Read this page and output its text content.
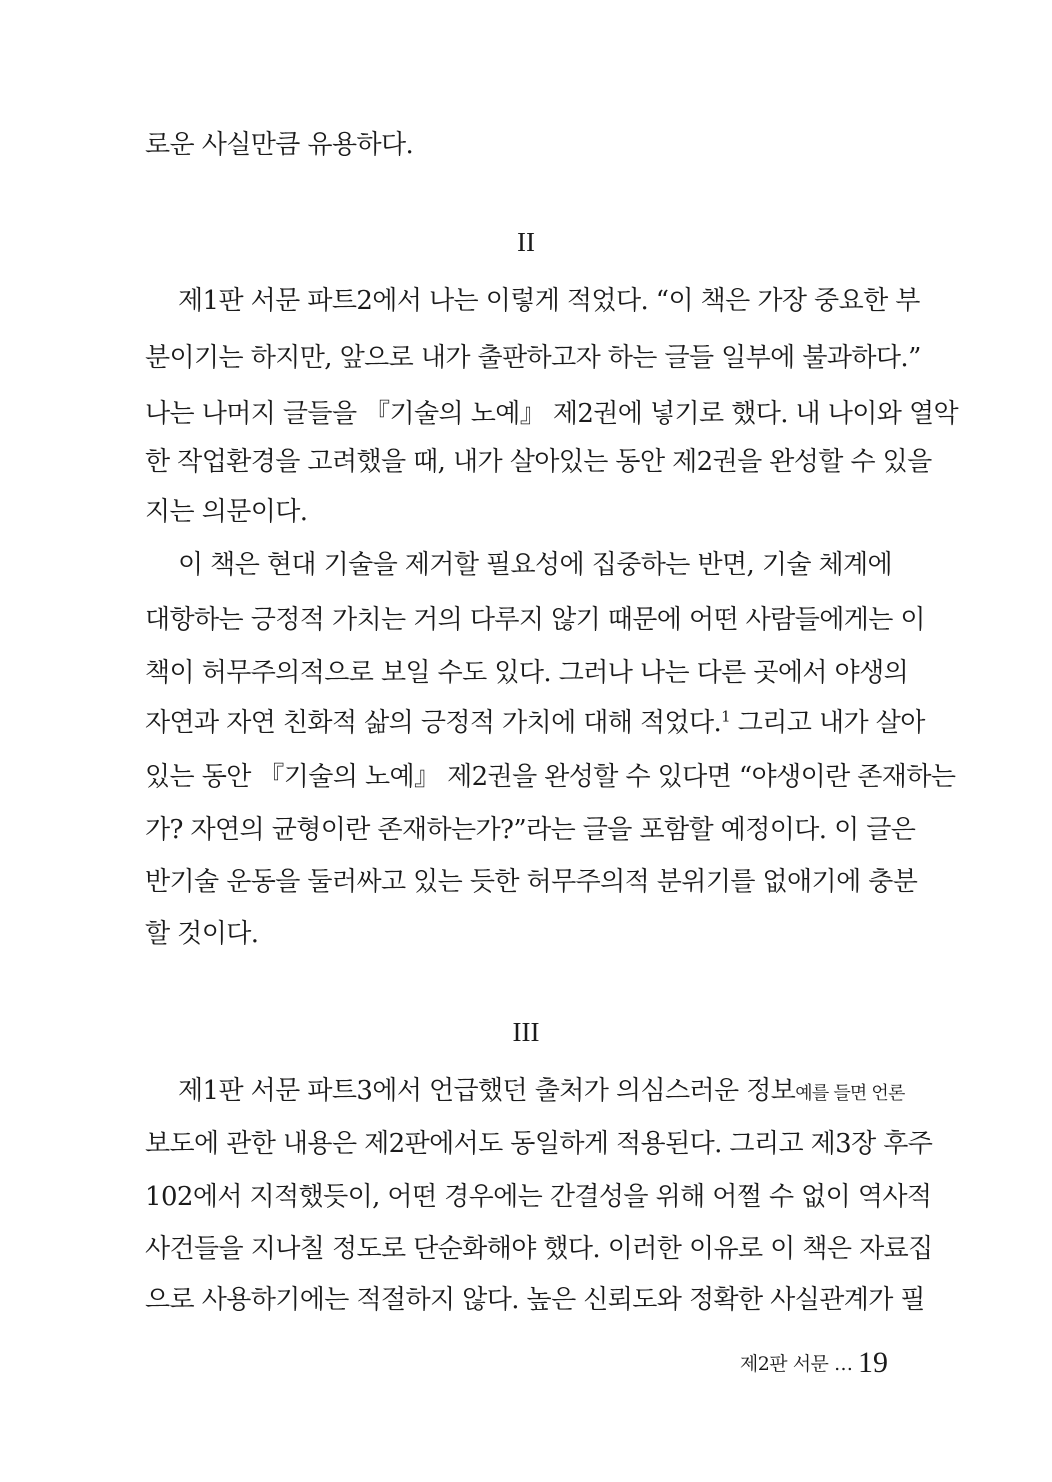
로운 사실만큼 유용하다.
II
제1판 서문 파트2에서 나는 이렇게 적었다. “이 책은 가장 중요한 부
분이기는 하지만, 앞으로 내가 출판하고자 하는 글들 일부에 불과하다.”
나는 나머지 글들을 『기술의 노예』 제2권에 넣기로 했다. 내 나이와 열악
한 작업환경을 고려했을 때, 내가 살아있는 동안 제2권을 완성할 수 있을
지는 의문이다.
이 책은 현대 기술을 제거할 필요성에 집중하는 반면, 기술 체계에
대항하는 긍정적 가치는 거의 다루지 않기 때문에 어떤 사람들에게는 이
책이 허무주의적으로 보일 수도 있다. 그러나 나는 다른 곳에서 야생의
자연과 자연 친화적 삶의 긍정적 가치에 대해 적었다.$^1$ 그리고 내가 살아
있는 동안 『기술의 노예』 제2권을 완성할 수 있다면 “야생이란 존재하는
가? 자연의 균형이란 존재하는가?”라는 글을 포함할 예정이다. 이 글은
반기술 운동을 둘러싸고 있는 듯한 허무주의적 분위기를 없애기에 충분
할 것이다.
III
제1판 서문 파트3에서 언급했던 출처가 의심스러운 정보예를 들면 언론
보도에 관한 내용은 제2판에서도 동일하게 적용된다. 그리고 제3장 후주
102에서 지적했듯이, 어떤 경우에는 간결성을 위해 어쩔 수 없이 역사적
사건들을 지나칠 정도로 단순화해야 했다. 이러한 이유로 이 책은 자료집
으로 사용하기에는 적절하지 않다. 높은 신뢰도와 정확한 사실관계가 필
제2판 서문 … 19
